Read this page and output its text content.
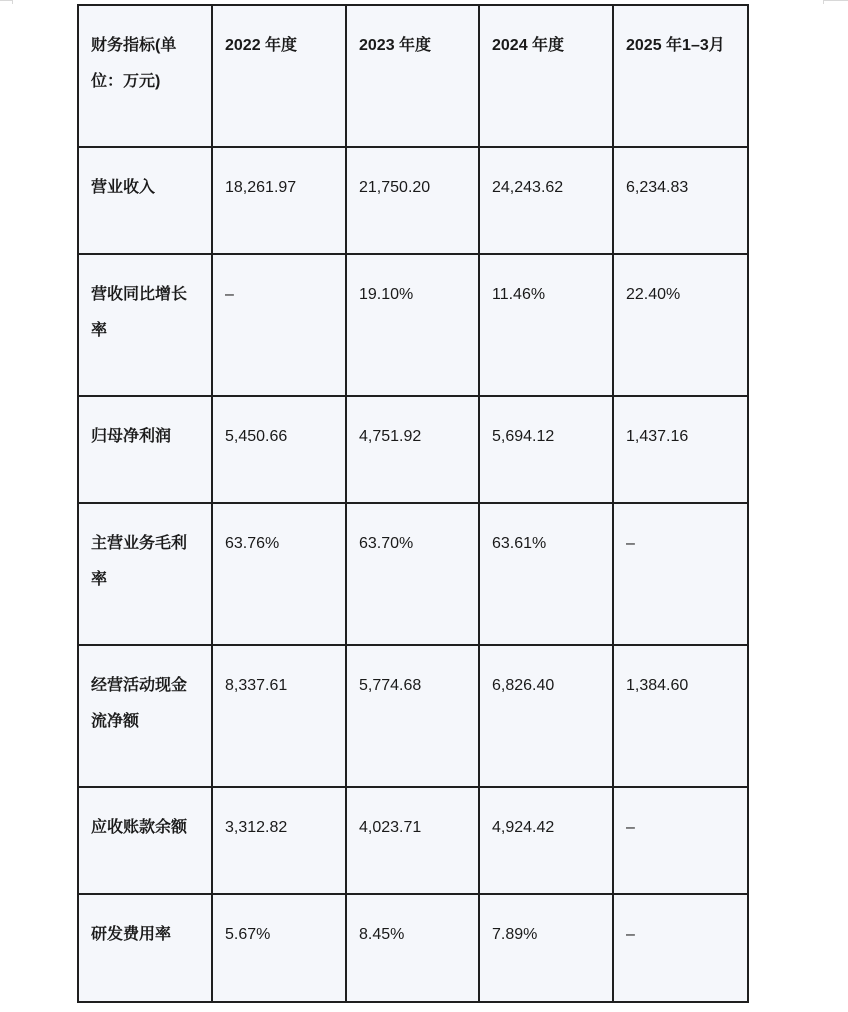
财务指标(单位：万元)	2022 年度	2023 年度	2024 年度	2025 年1–3月
营业收入	18,261.97	21,750.20	24,243.62	6,234.83
营收同比增长率	–	19.10%	11.46%	22.40%
归母净利润	5,450.66	4,751.92	5,694.12	1,437.16
主营业务毛利率	63.76%	63.70%	63.61%	–
经营活动现金流净额	8,337.61	5,774.68	6,826.40	1,384.60
应收账款余额	3,312.82	4,023.71	4,924.42	–
研发费用率	5.67%	8.45%	7.89%	–
